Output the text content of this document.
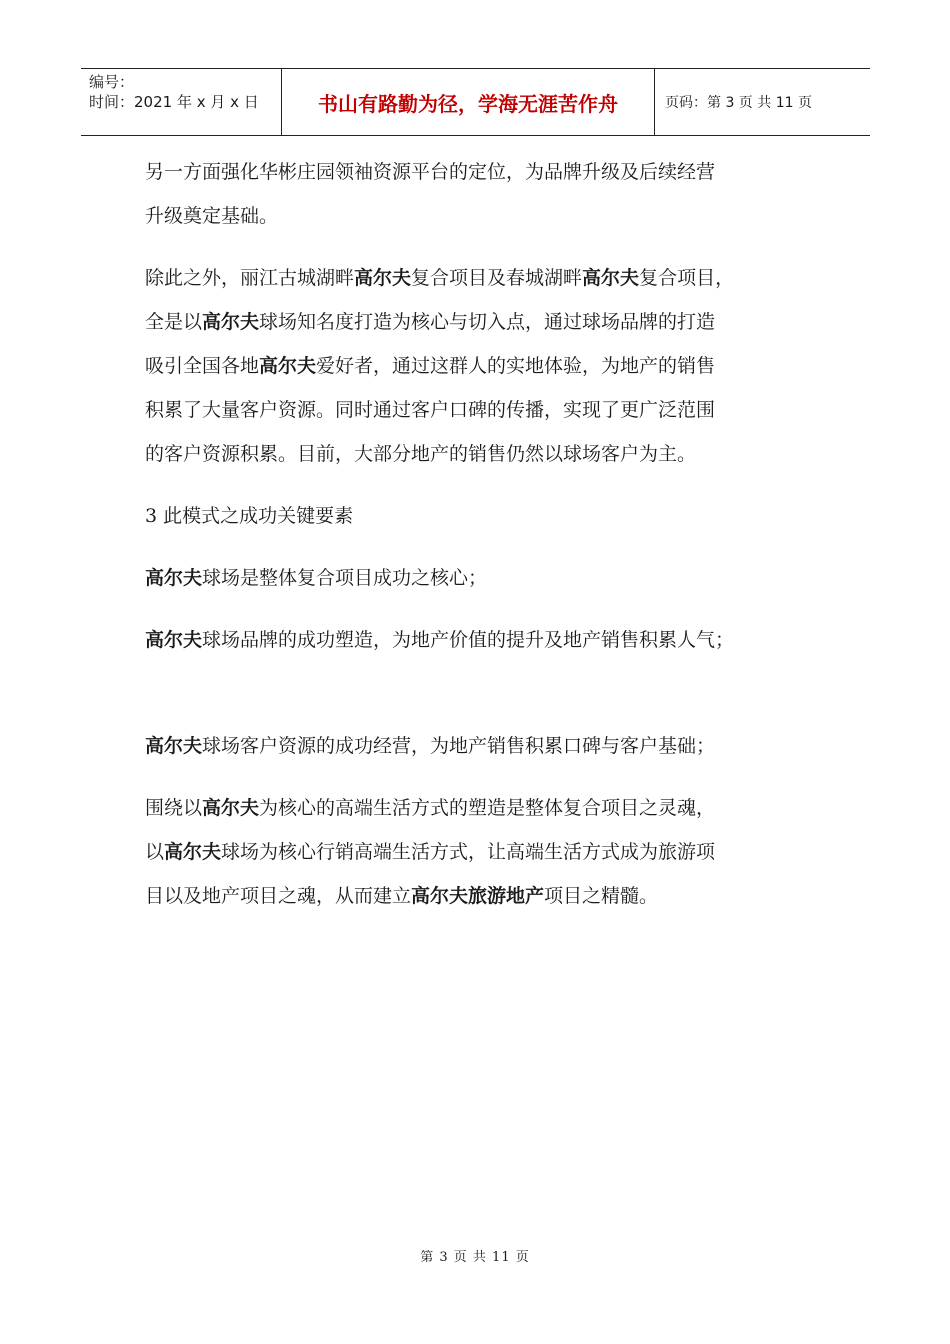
编号：
时间：2021 年 x 月 x 日	书山有路勤为径，学海无涯苦作舟	页码：第 3 页 共 11 页

另一方面强化华彬庄园领袖资源平台的定位，为品牌升级及后续经营

升级奠定基础。

除此之外，丽江古城湖畔高尔夫复合项目及春城湖畔高尔夫复合项目，

全是以高尔夫球场知名度打造为核心与切入点，通过球场品牌的打造

吸引全国各地高尔夫爱好者，通过这群人的实地体验，为地产的销售

积累了大量客户资源。同时通过客户口碑的传播，实现了更广泛范围

的客户资源积累。目前，大部分地产的销售仍然以球场客户为主。

3 此模式之成功关键要素

高尔夫球场是整体复合项目成功之核心；

高尔夫球场品牌的成功塑造，为地产价值的提升及地产销售积累人气；

高尔夫球场客户资源的成功经营，为地产销售积累口碑与客户基础；

围绕以高尔夫为核心的高端生活方式的塑造是整体复合项目之灵魂，

以高尔夫球场为核心行销高端生活方式，让高端生活方式成为旅游项

目以及地产项目之魂，从而建立高尔夫旅游地产项目之精髓。

第 3 页 共 11 页
